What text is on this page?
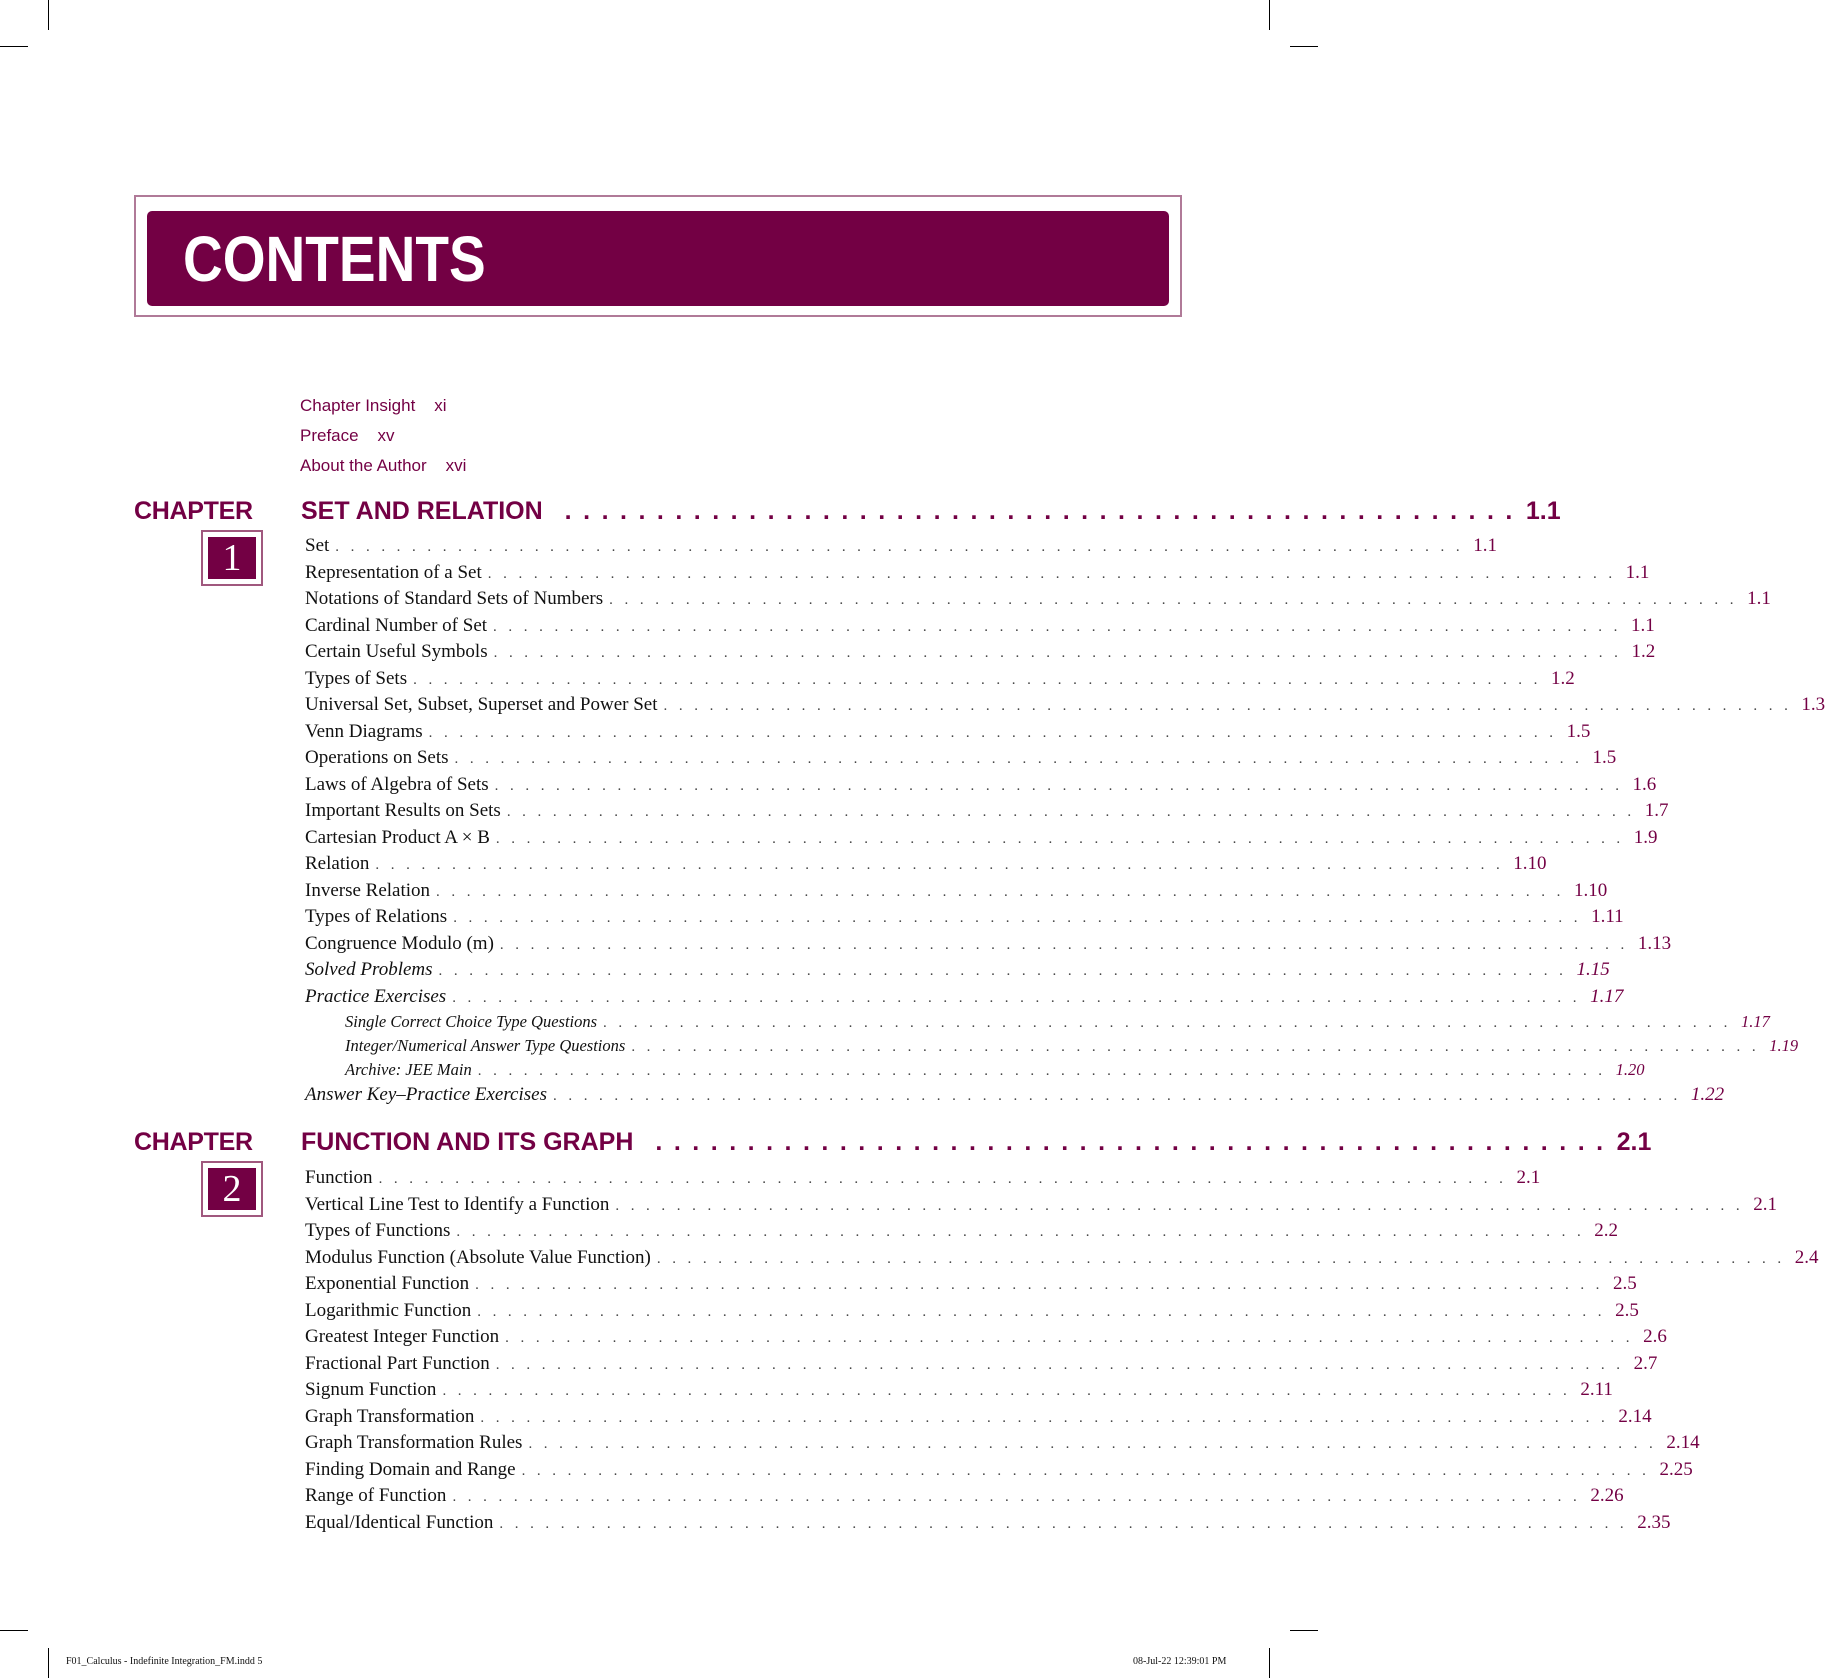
CONTENTS
Chapter Insight xi
Preface xv
About the Author xvi
CHAPTER
1
SET AND RELATION .................................................... 1.1
Set .......................................................................... 1.1
Representation of a Set .......................................................................... 1.1
Notations of Standard Sets of Numbers .......................................................................... 1.1
Cardinal Number of Set .......................................................................... 1.1
Certain Useful Symbols .......................................................................... 1.2
Types of Sets .......................................................................... 1.2
Universal Set, Subset, Superset and Power Set .......................................................................... 1.3
Venn Diagrams .......................................................................... 1.5
Operations on Sets .......................................................................... 1.5
Laws of Algebra of Sets .......................................................................... 1.6
Important Results on Sets .......................................................................... 1.7
Cartesian Product A × B .......................................................................... 1.9
Relation .......................................................................... 1.10
Inverse Relation .......................................................................... 1.10
Types of Relations .......................................................................... 1.11
Congruence Modulo (m) .......................................................................... 1.13
Solved Problems .......................................................................... 1.15
Practice Exercises .......................................................................... 1.17
Single Correct Choice Type Questions .......................................................................... 1.17
Integer/Numerical Answer Type Questions .......................................................................... 1.19
Archive: JEE Main .......................................................................... 1.20
Answer Key–Practice Exercises .......................................................................... 1.22
CHAPTER
2
FUNCTION AND ITS GRAPH .................................................... 2.1
Function .......................................................................... 2.1
Vertical Line Test to Identify a Function .......................................................................... 2.1
Types of Functions .......................................................................... 2.2
Modulus Function (Absolute Value Function) .......................................................................... 2.4
Exponential Function .......................................................................... 2.5
Logarithmic Function .......................................................................... 2.5
Greatest Integer Function .......................................................................... 2.6
Fractional Part Function .......................................................................... 2.7
Signum Function .......................................................................... 2.11
Graph Transformation .......................................................................... 2.14
Graph Transformation Rules .......................................................................... 2.14
Finding Domain and Range .......................................................................... 2.25
Range of Function .......................................................................... 2.26
Equal/Identical Function .......................................................................... 2.35
F01_Calculus - Indefinite Integration_FM.indd 5	08-Jul-22 12:39:01 PM
